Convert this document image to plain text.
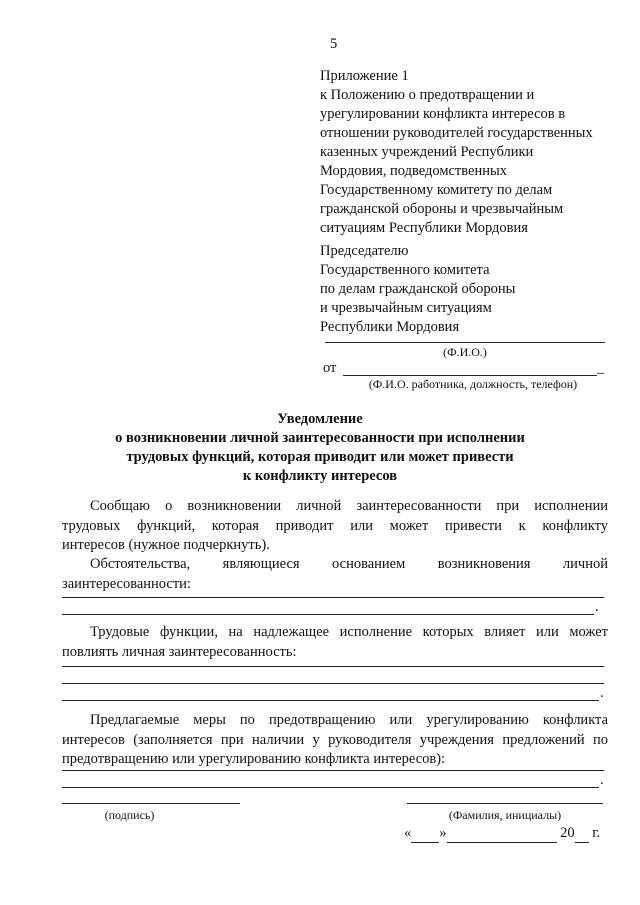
5
Приложение 1
к Положению о предотвращении и
урегулировании конфликта интересов в
отношении руководителей государственных
казенных учреждений Республики
Мордовия, подведомственных
Государственному комитету по делам
гражданской обороны и чрезвычайным
ситуациям Республики Мордовия
Председателю
Государственного комитета
по делам гражданской обороны
и чрезвычайным ситуациям
Республики Мордовия
(Ф.И.О.)
от	_
(Ф.И.О. работника, должность, телефон)
Уведомление
о возникновении личной заинтересованности при исполнении
трудовых функций, которая приводит или может привести
к конфликту интересов
Сообщаю о возникновении личной заинтересованности при исполнении
трудовых функций, которая приводит или может привести к конфликту
интересов (нужное подчеркнуть).
Обстоятельства, являющиеся основанием возникновения личной
заинтересованности:
.
Трудовые функции, на надлежащее исполнение которых влияет или может
повлиять личная заинтересованность:
.
Предлагаемые меры по предотвращению или урегулированию конфликта
интересов (заполняется при наличии у руководителя учреждения предложений по
предотвращению или урегулированию конфликта интересов):
.
(подпись)	(Фамилия, инициалы)
« »	20 г.
